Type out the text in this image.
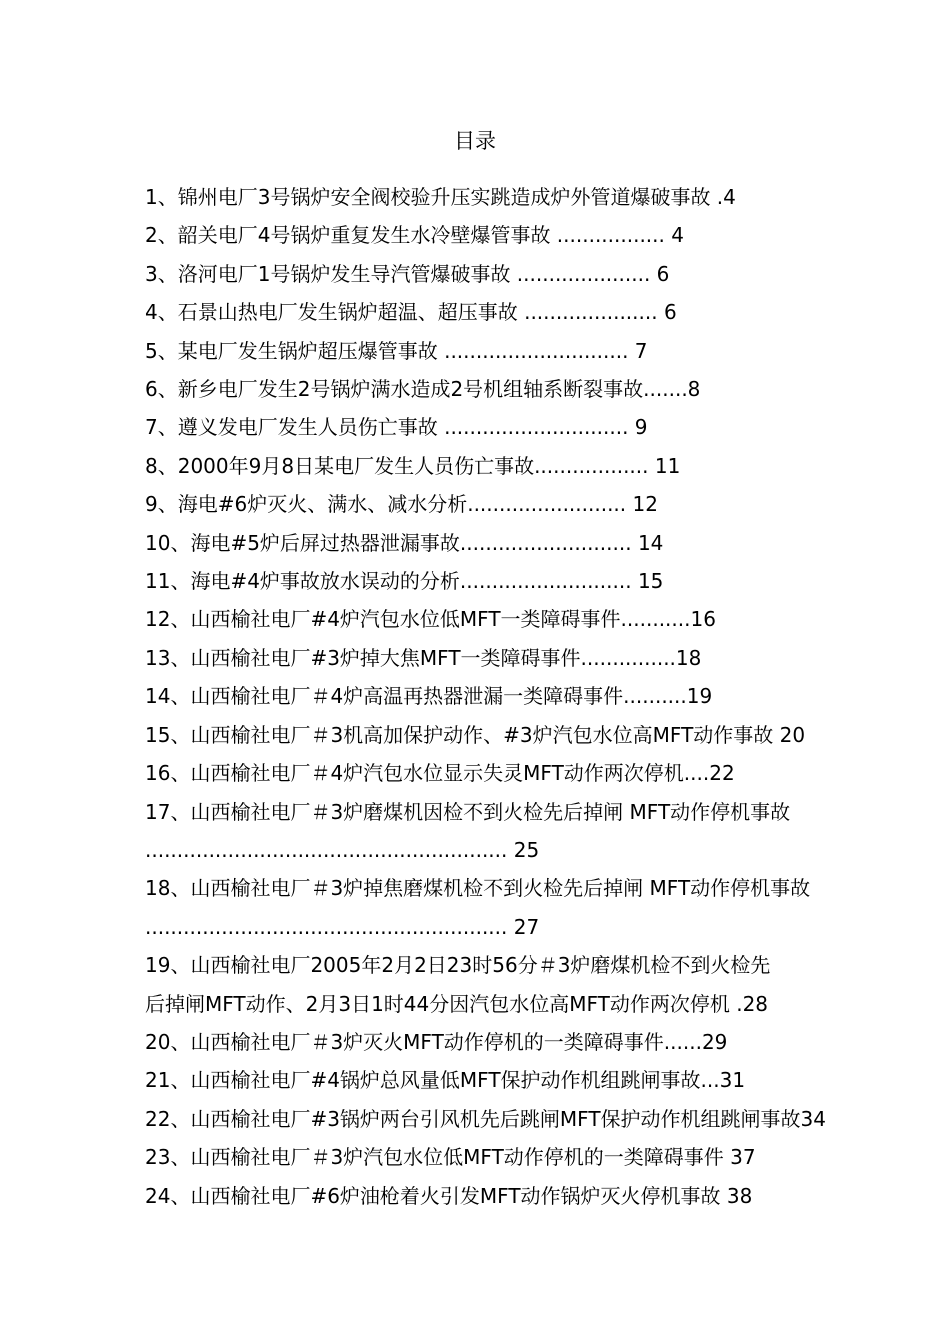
目录
1、锦州电厂3号锅炉安全阀校验升压实跳造成炉外管道爆破事故 .4
2、韶关电厂4号锅炉重复发生水冷壁爆管事故 ................. 4
3、洛河电厂1号锅炉发生导汽管爆破事故 ..................... 6
4、石景山热电厂发生锅炉超温、超压事故 ..................... 6
5、某电厂发生锅炉超压爆管事故 ............................. 7
6、新乡电厂发生2号锅炉满水造成2号机组轴系断裂事故.......8
7、遵义发电厂发生人员伤亡事故 ............................. 9
8、2000年9月8日某电厂发生人员伤亡事故.................. 11
9、海电#6炉灭火、满水、减水分析......................... 12
10、海电#5炉后屏过热器泄漏事故........................... 14
11、海电#4炉事故放水误动的分析........................... 15
12、山西榆社电厂#4炉汽包水位低MFT一类障碍事件...........16
13、山西榆社电厂#3炉掉大焦MFT一类障碍事件...............18
14、山西榆社电厂＃4炉高温再热器泄漏一类障碍事件..........19
15、山西榆社电厂＃3机高加保护动作、#3炉汽包水位高MFT动作事故 20
16、山西榆社电厂＃4炉汽包水位显示失灵MFT动作两次停机....22
17、山西榆社电厂＃3炉磨煤机因检不到火检先后掉闸 MFT动作停机事故
......................................................... 25
18、山西榆社电厂＃3炉掉焦磨煤机检不到火检先后掉闸 MFT动作停机事故
......................................................... 27
19、山西榆社电厂2005年2月2日23时56分＃3炉磨煤机检不到火检先
后掉闸MFT动作、2月3日1时44分因汽包水位高MFT动作两次停机 .28
20、山西榆社电厂＃3炉灭火MFT动作停机的一类障碍事件......29
21、山西榆社电厂#4锅炉总风量低MFT保护动作机组跳闸事故...31
22、山西榆社电厂#3锅炉两台引风机先后跳闸MFT保护动作机组跳闸事故34
23、山西榆社电厂＃3炉汽包水位低MFT动作停机的一类障碍事件 37
24、山西榆社电厂#6炉油枪着火引发MFT动作锅炉灭火停机事故 38
